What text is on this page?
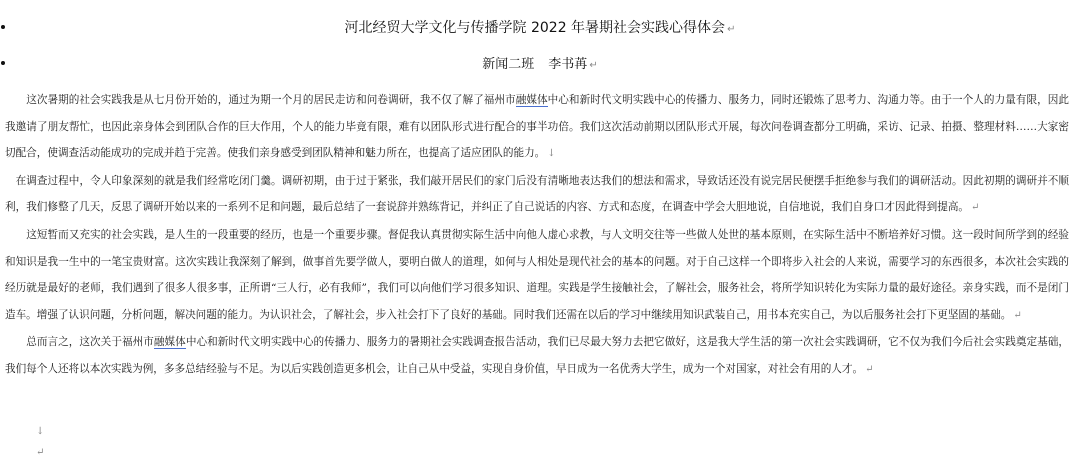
河北经贸大学文化与传播学院 2022 年暑期社会实践心得体会 ↵
新闻二班 李书苒 ↵

这次暑期的社会实践我是从七月份开始的，通过为期一个月的居民走访和问卷调研，我不仅了解了福州市融媒体中心和新时代文明实践中心的传播力、服务力，同时还锻炼了思考力、沟通力等。由于一个人的力量有限，因此我邀请了朋友帮忙，也因此亲身体会到团队合作的巨大作用，个人的能力毕竟有限，难有以团队形式进行配合的事半功倍。我们这次活动前期以团队形式开展，每次问卷调查都分工明确，采访、记录、拍摄、整理材料……大家密切配合，使调查活动能成功的完成并趋于完善。使我们亲身感受到团队精神和魅力所在，也提高了适应团队的能力。 ↓

在调查过程中，令人印象深刻的就是我们经常吃闭门羹。调研初期，由于过于紧张，我们敲开居民们的家门后没有清晰地表达我们的想法和需求，导致话还没有说完居民便摆手拒绝参与我们的调研活动。因此初期的调研并不顺利，我们修整了几天，反思了调研开始以来的一系列不足和问题，最后总结了一套说辞并熟练背记，并纠正了自己说话的内容、方式和态度，在调查中学会大胆地说，自信地说，我们自身口才因此得到提高。 ↵

这短暂而又充实的社会实践，是人生的一段重要的经历，也是一个重要步骤。督促我认真贯彻实际生活中向他人虚心求教，与人文明交往等一些做人处世的基本原则，在实际生活中不断培养好习惯。这一段时间所学到的经验和知识是我一生中的一笔宝贵财富。这次实践让我深刻了解到，做事首先要学做人，要明白做人的道理，如何与人相处是现代社会的基本的问题。对于自己这样一个即将步入社会的人来说，需要学习的东西很多，本次社会实践的经历就是最好的老师，我们遇到了很多人很多事，正所谓“三人行，必有我师”，我们可以向他们学习很多知识、道理。实践是学生接触社会，了解社会，服务社会，将所学知识转化为实际力量的最好途径。亲身实践，而不是闭门造车。增强了认识问题，分析问题，解决问题的能力。为认识社会，了解社会，步入社会打下了良好的基础。同时我们还需在以后的学习中继续用知识武装自己，用书本充实自己，为以后服务社会打下更坚固的基础。 ↵

总而言之，这次关于福州市融媒体中心和新时代文明实践中心的传播力、服务力的暑期社会实践调查报告活动，我们已尽最大努力去把它做好，这是我大学生活的第一次社会实践调研，它不仅为我们今后社会实践奠定基础，我们每个人还将以本次实践为例，多多总结经验与不足。为以后实践创造更多机会，让自己从中受益，实现自身价值，早日成为一名优秀大学生，成为一个对国家，对社会有用的人才。 ↵

↓
↵
